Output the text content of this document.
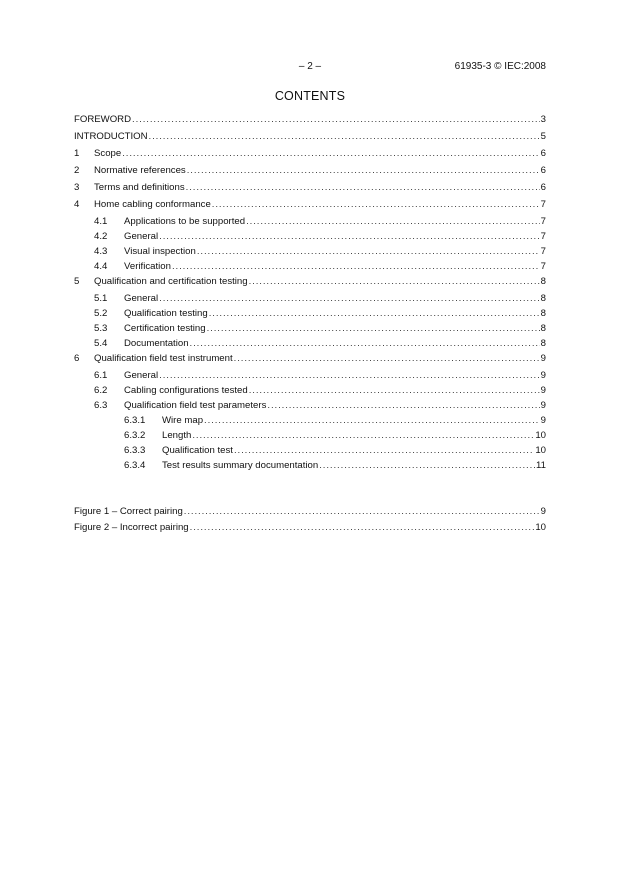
– 2 –	61935-3 © IEC:2008
CONTENTS
FOREWORD .....	3
INTRODUCTION .....	5
1	Scope .....	6
2	Normative references .....	6
3	Terms and definitions .....	6
4	Home cabling conformance .....	7
4.1	Applications to be supported .....	7
4.2	General .....	7
4.3	Visual inspection .....	7
4.4	Verification .....	7
5	Qualification and certification testing .....	8
5.1	General .....	8
5.2	Qualification testing .....	8
5.3	Certification testing .....	8
5.4	Documentation .....	8
6	Qualification field test instrument .....	9
6.1	General .....	9
6.2	Cabling configurations tested .....	9
6.3	Qualification field test parameters .....	9
6.3.1	Wire map .....	9
6.3.2	Length .....	10
6.3.3	Qualification test .....	10
6.3.4	Test results summary documentation .....	11
Figure 1 – Correct pairing .....	9
Figure 2 – Incorrect pairing .....	10
